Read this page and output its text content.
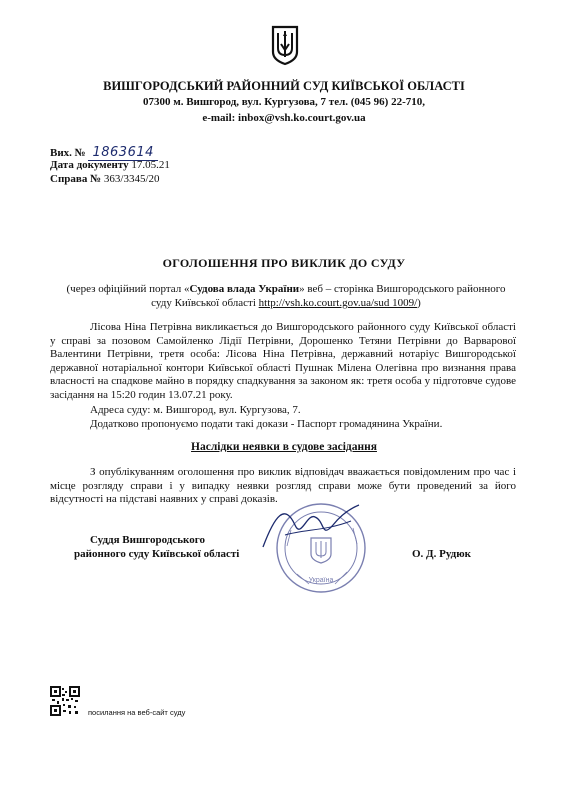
ВИШГОРОДСЬКИЙ РАЙОННИЙ СУД КИЇВСЬКОЇ ОБЛАСТІ
07300 м. Вишгород, вул. Кургузова, 7 тел. (045 96) 22-710,
e-mail: inbox@vsh.ko.court.gov.ua
Вих. № 1863614
Дата документу 17.05.21
Справа № 363/3345/20
ОГОЛОШЕННЯ ПРО ВИКЛИК ДО СУДУ
(через офіційний портал «Судова влада України» веб – сторінка Вишгородського районного суду Київської області http://vsh.ko.court.gov.ua/sud 1009/)
Лісова Ніна Петрівна викликається до Вишгородського районного суду Київської області у справі за позовом Самойленко Лідії Петрівни, Дорошенко Тетяни Петрівни до Варварової Валентини Петрівни, третя особа: Лісова Ніна Петрівна, державний нотаріус Вишгородської державної нотаріальної контори Київської області Пушнак Мілена Олегівна про визнання права власності на спадкове майно в порядку спадкування за законом як: третя особа у підготовче судове засідання на 15:20 годин 13.07.21 року.
Адреса суду: м. Вишгород, вул. Кургузова, 7.
Додатково пропонуємо подати такі докази - Паспорт громадянина України.
Наслідки неявки в судове засідання
З опублікуванням оголошення про виклик відповідач вважається повідомленим про час і місце розгляду справи і у випадку неявки розгляд справи може бути проведений за його відсутності на підставі наявних у справі доказів.
Суддя Вишгородського
районного суду Київської області	О. Д. Рудюк
Україна
посилання на веб-сайт суду
